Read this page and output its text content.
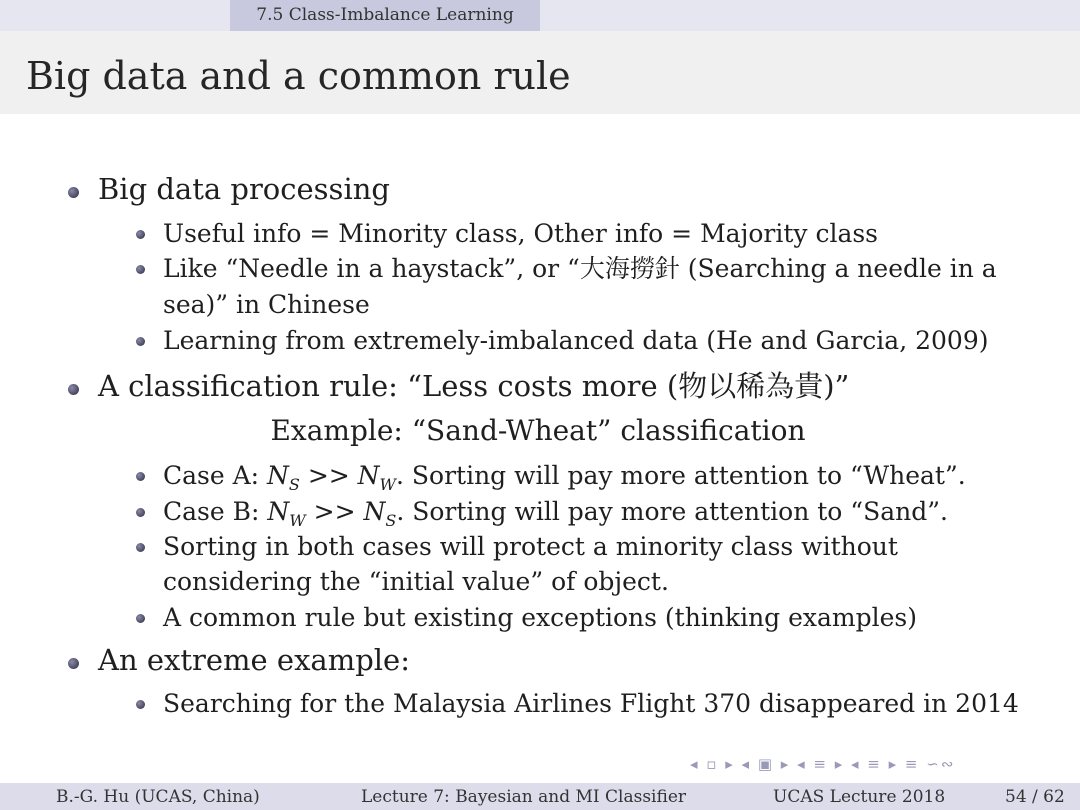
7.5 Class-Imbalance Learning
Big data and a common rule
Big data processing
Useful info = Minority class, Other info = Majority class
Like “Needle in a haystack”, or “大海撈針 (Searching a needle in a
sea)” in Chinese
Learning from extremely-imbalanced data (He and Garcia, 2009)
A classification rule: “Less costs more (物以稀為貴)”
Example: “Sand-Wheat” classification
Case A: $N_S >> N_W$. Sorting will pay more attention to “Wheat”.
Case B: $N_W >> N_S$. Sorting will pay more attention to “Sand”.
Sorting in both cases will protect a minority class without
considering the “initial value” of object.
A common rule but existing exceptions (thinking examples)
An extreme example:
Searching for the Malaysia Airlines Flight 370 disappeared in 2014
◂ ▫ ▸ ◂ ▣ ▸ ◂ ≡ ▸ ◂ ≡ ▸ ≡ ∽∾
B.-G. Hu (UCAS, China)	Lecture 7: Bayesian and MI Classifier	UCAS Lecture 2018	54 / 62
